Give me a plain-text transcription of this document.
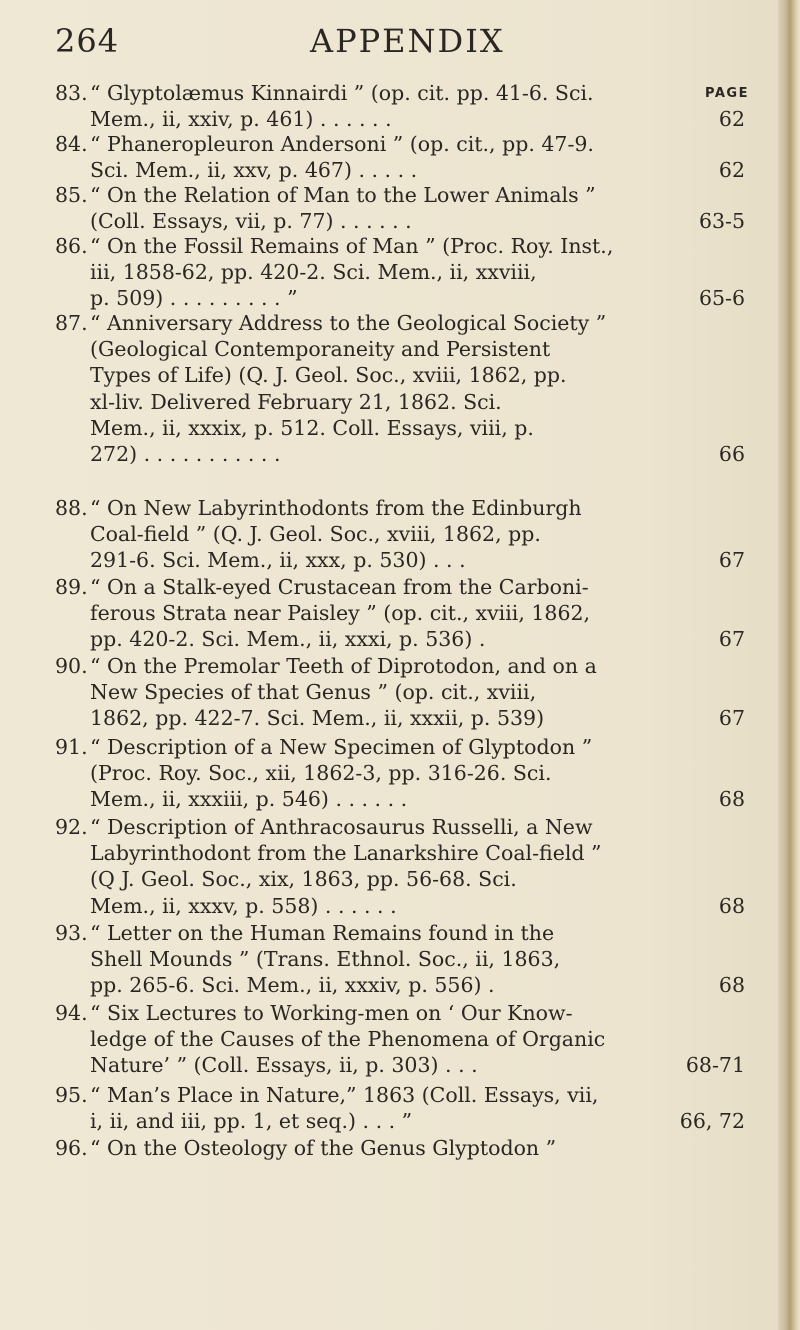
264	APPENDIX
PAGE
83. “ Glyptolæmus Kinnairdi ” (op. cit. pp. 41-6. Sci.
Mem., ii, xxiv, p. 461) . . . . . .	62
84. “ Phaneropleuron Andersoni ” (op. cit., pp. 47-9.
Sci. Mem., ii, xxv, p. 467) . . . . .	62
85. “ On the Relation of Man to the Lower Animals ”
(Coll. Essays, vii, p. 77) . . . . . .	63-5
86. “ On the Fossil Remains of Man ” (Proc. Roy. Inst.,
iii, 1858-62, pp. 420-2. Sci. Mem., ii, xxviii,
p. 509) . . . . . . . . . ”	65-6
87. “ Anniversary Address to the Geological Society ”
(Geological Contemporaneity and Persistent
Types of Life) (Q. J. Geol. Soc., xviii, 1862, pp.
xl-liv. Delivered February 21, 1862. Sci.
Mem., ii, xxxix, p. 512. Coll. Essays, viii, p.
272) . . . . . . . . . . .	66
88. “ On New Labyrinthodonts from the Edinburgh
Coal-field ” (Q. J. Geol. Soc., xviii, 1862, pp.
291-6. Sci. Mem., ii, xxx, p. 530) . . .	67
89. “ On a Stalk-eyed Crustacean from the Carboni-
ferous Strata near Paisley ” (op. cit., xviii, 1862,
pp. 420-2. Sci. Mem., ii, xxxi, p. 536) .	67
90. “ On the Premolar Teeth of Diprotodon, and on a
New Species of that Genus ” (op. cit., xviii,
1862, pp. 422-7. Sci. Mem., ii, xxxii, p. 539)	67
91. “ Description of a New Specimen of Glyptodon ”
(Proc. Roy. Soc., xii, 1862-3, pp. 316-26. Sci.
Mem., ii, xxxiii, p. 546) . . . . . .	68
92. “ Description of Anthracosaurus Russelli, a New
Labyrinthodont from the Lanarkshire Coal-field ”
(Q J. Geol. Soc., xix, 1863, pp. 56-68. Sci.
Mem., ii, xxxv, p. 558) . . . . . .	68
93. “ Letter on the Human Remains found in the
Shell Mounds ” (Trans. Ethnol. Soc., ii, 1863,
pp. 265-6. Sci. Mem., ii, xxxiv, p. 556) .	68
94. “ Six Lectures to Working-men on ‘ Our Know-
ledge of the Causes of the Phenomena of Organic
Nature’ ” (Coll. Essays, ii, p. 303) . . .	68-71
95. “ Man’s Place in Nature,” 1863 (Coll. Essays, vii,
i, ii, and iii, pp. 1, et seq.) . . . ”	66, 72
96. “ On the Osteology of the Genus Glyptodon ”
